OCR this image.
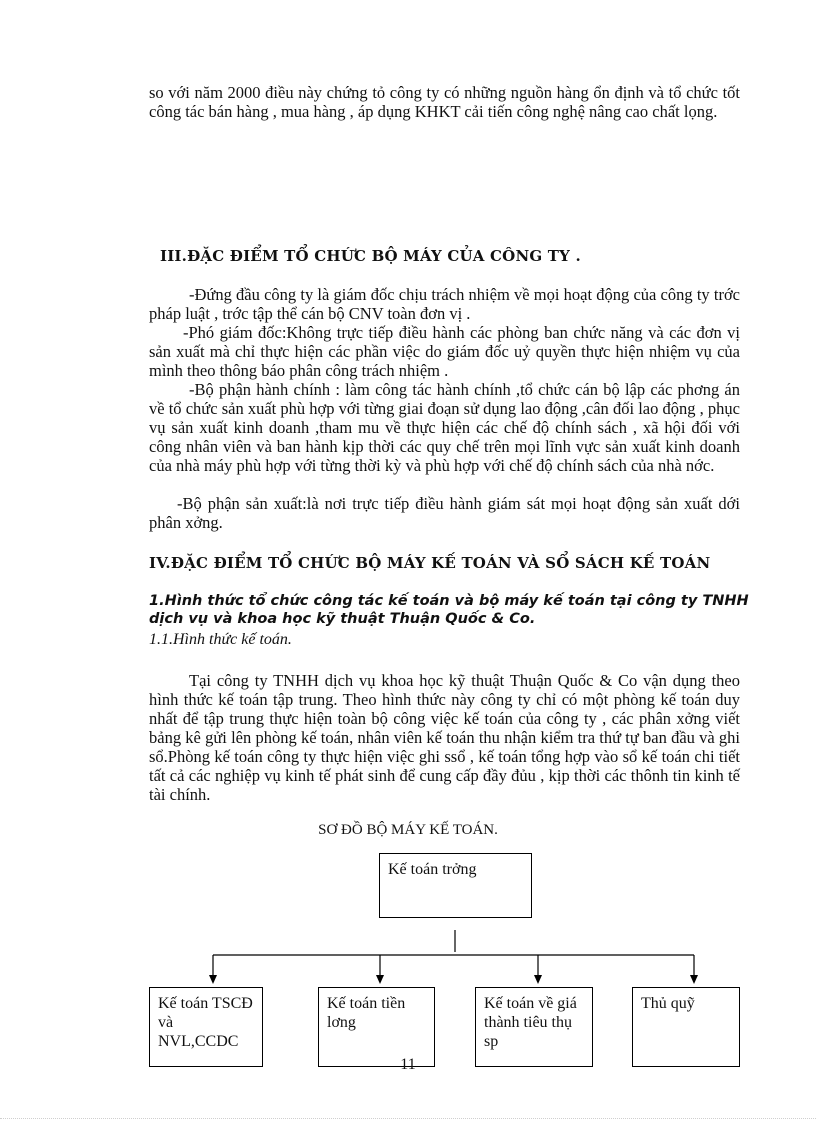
so với năm 2000 điều này chứng tỏ công ty có những nguồn hàng ổn định và tổ chức tốt công tác bán hàng , mua hàng , áp dụng KHKT cải tiến công nghệ nâng cao chất lọng.

III.ĐẶC ĐIỂM TỔ CHỨC BỘ MÁY CỦA CÔNG TY .

-Đứng đầu công ty là giám đốc chịu trách nhiệm về mọi hoạt động của công ty trớc pháp luật , trớc tập thể cán bộ CNV toàn đơn vị .

-Phó giám đốc:Không trực tiếp điều hành các phòng ban chức năng và các đơn vị sản xuất mà chỉ thực hiện các phần việc do giám đốc uỷ quyền thực hiện nhiệm vụ của mình theo thông báo phân công trách nhiệm .

-Bộ phận hành chính : làm công tác hành chính ,tổ chức cán bộ lập các phơng án về tổ chức sản xuất phù hợp với từng giai đoạn sử dụng lao động ,cân đối lao động , phục vụ sản xuất kinh doanh ,tham mu về thực hiện các chế độ chính sách , xã hội đối với công nhân viên và ban hành kịp thời các quy chế trên mọi lĩnh vực sản xuất kinh doanh của nhà máy phù hợp với từng thời kỳ và phù hợp với chế độ chính sách của nhà nớc.

-Bộ phận sản xuất:là nơi trực tiếp điều hành giám sát mọi hoạt động sản xuất dới phân xởng.

IV.ĐẶC ĐIỂM TỔ CHỨC BỘ MÁY KẾ TOÁN VÀ SỔ SÁCH KẾ TOÁN
1.Hình thức tổ chức công tác kế toán và bộ máy kế toán tại công ty TNHH dịch vụ và khoa học kỹ thuật Thuận Quốc & Co.
1.1.Hình thức kế toán.

Tại công ty TNHH dịch vụ khoa học kỹ thuật Thuận Quốc & Co vận dụng theo hình thức kế toán tập trung. Theo hình thức này công ty chỉ có một phòng kế toán duy nhất để tập trung thực hiện toàn bộ công việc kế toán của công ty , các phân xởng viết bảng kê gửi lên phòng kế toán, nhân viên kế toán thu nhận kiểm tra thứ tự ban đầu và ghi sổ.Phòng kế toán công ty thực hiện việc ghi ssổ , kế toán tổng hợp vào sổ kế toán chi tiết tất cả các nghiệp vụ kinh tế phát sinh để cung cấp đầy đủu , kịp thời các thônh tin kinh tế tài chính.

SƠ ĐỒ BỘ MÁY KẾ TOÁN.
Kế toán trởng
Kế toán TSCĐ và NVL,CCDC
Kế toán tiền lơng
Kế toán về giá thành tiêu thụ sp
Thủ quỹ
11
